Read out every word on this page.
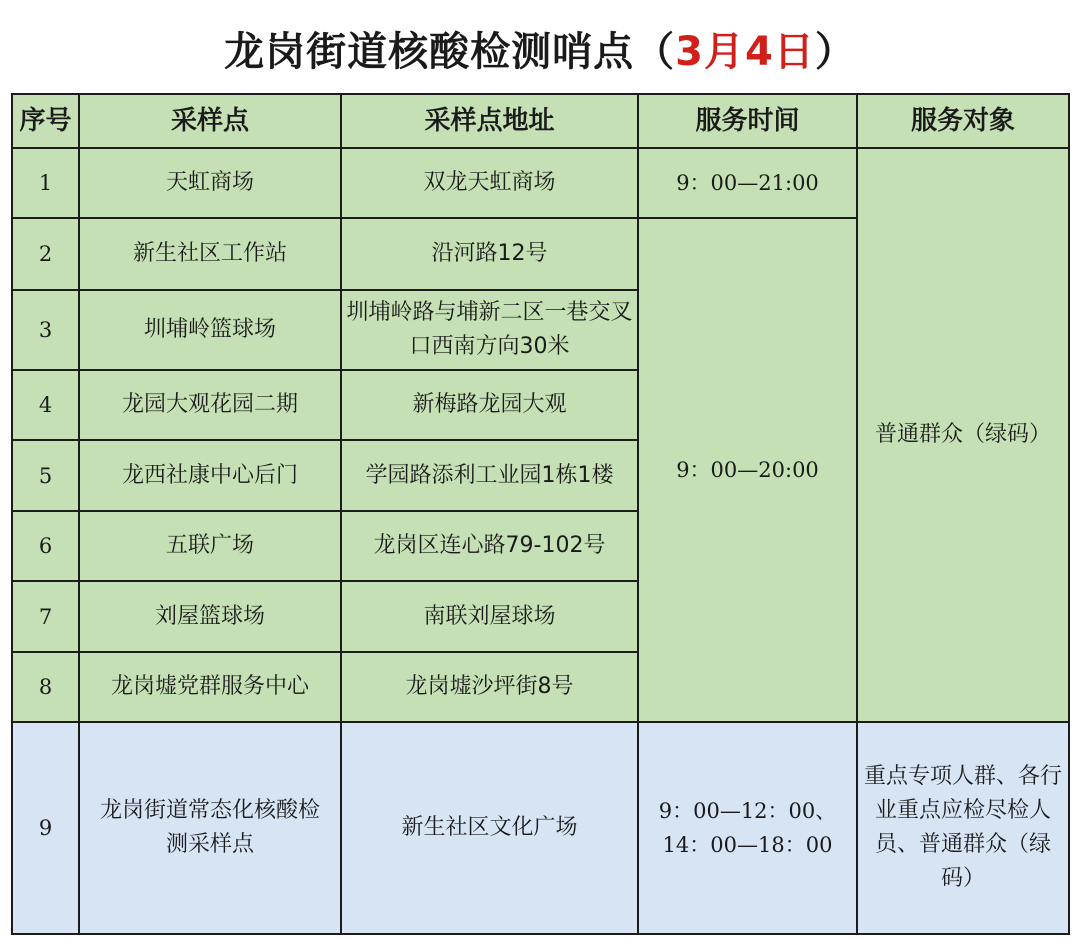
龙岗街道核酸检测哨点（3月4日）
序号	采样点	采样点地址	服务时间	服务对象
1	天虹商场	双龙天虹商场	9：00—21:00	普通群众（绿码）
2	新生社区工作站	沿河路12号	9：00—20:00	
3	圳埔岭篮球场	圳埔岭路与埔新二区一巷交叉口西南方向30米		
4	龙园大观花园二期	新梅路龙园大观		
5	龙西社康中心后门	学园路添利工业园1栋1楼		
6	五联广场	龙岗区连心路79-102号		
7	刘屋篮球场	南联刘屋球场		
8	龙岗墟党群服务中心	龙岗墟沙坪街8号		
9	龙岗街道常态化核酸检测采样点	新生社区文化广场	9：00—12：00、14：00—18：00	重点专项人群、各行业重点应检尽检人员、普通群众（绿码）
